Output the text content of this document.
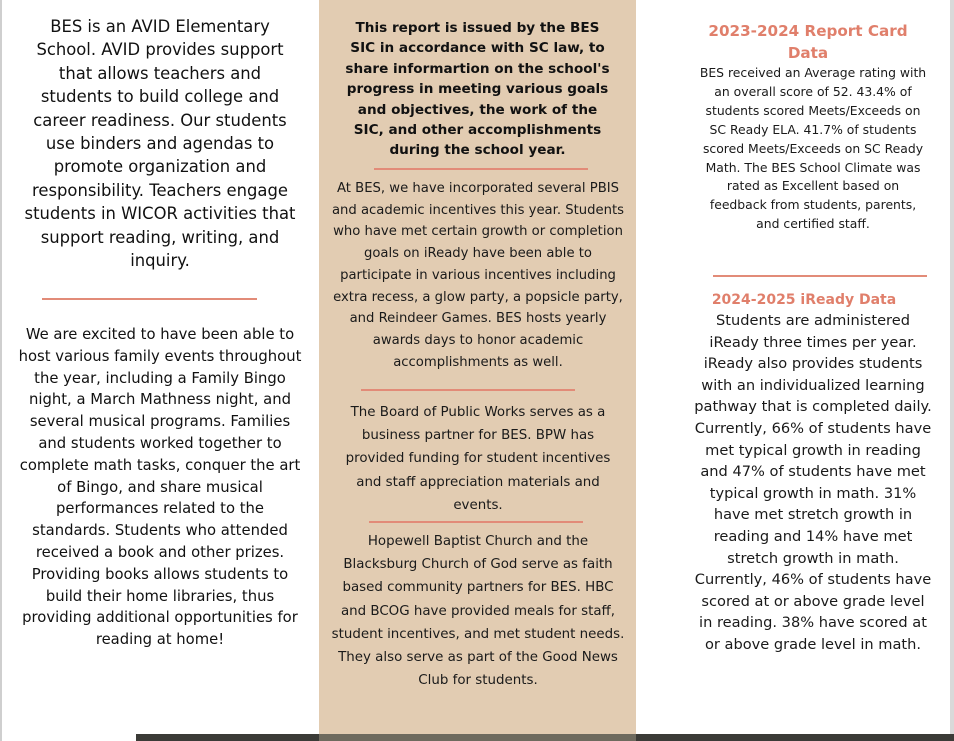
BES is an AVID Elementary School. AVID provides support that allows teachers and students to build college and career readiness. Our students use binders and agendas to promote organization and responsibility. Teachers engage students in WICOR activities that support reading, writing, and inquiry.

We are excited to have been able to host various family events throughout the year, including a Family Bingo night, a March Mathness night, and several musical programs. Families and students worked together to complete math tasks, conquer the art of Bingo, and share musical performances related to the standards. Students who attended received a book and other prizes. Providing books allows students to build their home libraries, thus providing additional opportunities for reading at home!

This report is issued by the BES SIC in accordance with SC law, to share informartion on the school's progress in meeting various goals and objectives, the work of the SIC, and other accomplishments during the school year.

At BES, we have incorporated several PBIS and academic incentives this year. Students who have met certain growth or completion goals on iReady have been able to participate in various incentives including extra recess, a glow party, a popsicle party, and Reindeer Games. BES hosts yearly awards days to honor academic accomplishments as well.

The Board of Public Works serves as a business partner for BES. BPW has provided funding for student incentives and staff appreciation materials and events.

Hopewell Baptist Church and the Blacksburg Church of God serve as faith based community partners for BES. HBC and BCOG have provided meals for staff, student incentives, and met student needs. They also serve as part of the Good News Club for students.

2023-2024 Report Card Data

BES received an Average rating with an overall score of 52. 43.4% of students scored Meets/Exceeds on SC Ready ELA. 41.7% of students scored Meets/Exceeds on SC Ready Math. The BES School Climate was rated as Excellent based on feedback from students, parents, and certified staff.

2024-2025 iReady Data

Students are administered iReady three times per year. iReady also provides students with an individualized learning pathway that is completed daily. Currently, 66% of students have met typical growth in reading and 47% of students have met typical growth in math. 31% have met stretch growth in reading and 14% have met stretch growth in math. Currently, 46% of students have scored at or above grade level in reading. 38% have scored at or above grade level in math.
